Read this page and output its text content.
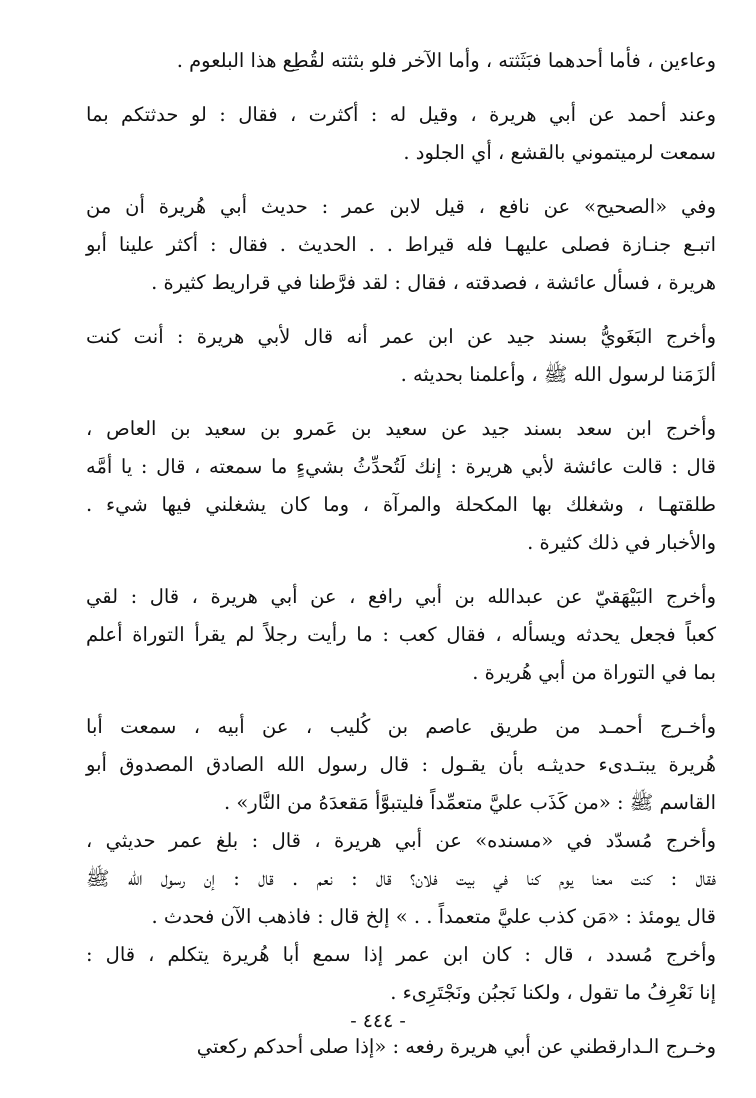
وعاءين ، فأما أحدهما فبَثَثته ، وأما الآخر فلو بثثته لقُطِع هذا البلعوم .

وعند أحمد عن أبي هريرة ، وقيل له : أكثرت ، فقال : لو حدثتكم بما
سمعت لرميتموني بالقشع ، أي الجلود .

وفي «الصحيح» عن نافع ، قيل لابن عمر : حديث أبي هُريرة أن من
اتبـع جنـازة فصلى عليهـا فله قيراط . . الحديث . فقال : أكثر علينا أبو
هريرة ، فسأل عائشة ، فصدقته ، فقال : لقد فرَّطنا في قراريط كثيرة .

وأخرج البَغَويُّ بسند جيد عن ابن عمر أنه قال لأبي هريرة : أنت كنت
ألزَمَنا لرسول الله ﷺ ، وأعلمنا بحديثه .

وأخرج ابن سعد بسند جيد عن سعيد بن عَمرو بن سعيد بن العاص ،
قال : قالت عائشة لأبي هريرة : إنك لَتُحدِّثُ بشيءٍ ما سمعته ، قال : يا أمَّه
طلقتهـا ، وشغلك بها المكحلة والمرآة ، وما كان يشغلني فيها شيء .
والأخبار في ذلك كثيرة .

وأخرج البَيْهَقيّ عن عبدالله بن أبي رافع ، عن أبي هريرة ، قال : لقي
كعباً فجعل يحدثه ويسأله ، فقال كعب : ما رأيت رجلاً لم يقرأ التوراة أعلم
بما في التوراة من أبي هُريرة .

وأخـرج أحمـد من طريق عاصم بن كُليب ، عن أبيه ، سمعت أبا
هُريرة يبتـدىء حديثـه بأن يقـول : قال رسول الله الصادق المصدوق أبو
القاسم ﷺ : «من كَذَب عليَّ متعمِّداً فليتبوَّأ مَقعدَهُ من النَّار» .

وأخرج مُسدّد في «مسنده» عن أبي هريرة ، قال : بلغ عمر حديثي ،
فقال : كنت معنا يوم كنا في بيت فلان؟ قال : نعم . قال : إن رسول الله ﷺ
قال يومئذ : «مَن كذب عليَّ متعمداً . . » إلخ قال : فاذهب الآن فحدث .

وأخرج مُسدد ، قال : كان ابن عمر إذا سمع أبا هُريرة يتكلم ، قال :
إنا نَعْرِفُ ما تقول ، ولكنا نَجبُن ونَجْتَرِىء .

وخـرج الـدارقطني عن أبي هريرة رفعه : «إذا صلى أحدكم ركعتي

- ٤٤٤ -
